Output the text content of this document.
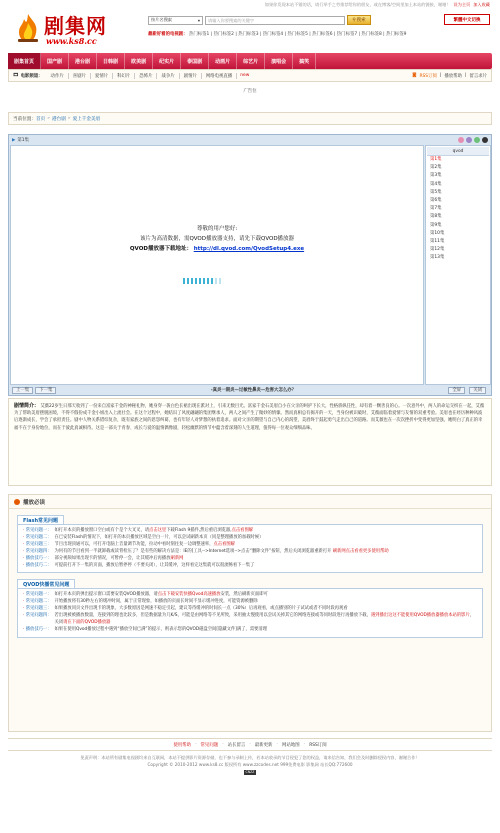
如果你发现本站不错的话，请行举手之劳推荐给你的朋友，或在博客/空间里加上本站的链接，谢谢！ 设为主页 加入收藏
剧集网
www.ks8.cc
按片名搜索	▾	请输入你要搜索的关键字	⚲ 搜索	繁體中文切換
最新好看的电视剧： 热门标签1 | 热门标签2 | 热门标签3 | 热门标签4 | 热门标签5 | 热门标签6 | 热门标签7 | 热门标签8 | 热门标签9
剧集首页	国产剧	港台剧	日韩剧	欧美剧	纪实片	泰国剧	动画片	综艺片	演唱会	搞笑
🎞 电影频道：	动作片	喜剧片	爱情片	科幻片	恐怖片	战争片	剧情片	网络电视直播	new	◙ RSS订阅 | 播放帮助 | 留言求片
广告位
当前位置： 首页 » 港台剧 » 爱上千金美眉
▶ 第1集
尊敬的用户您好:
该片为高清数据，需QVOD播放器支持，请先下载QVOD播放器
QVOD播放器下载地址： http://dl.qvod.com/QvodSetup4.exe
qvod
第1集
第2集
第3集
第4集
第5集
第6集
第7集
第8集
第9集
第10集
第11集
第12集
第13集
上一集	下一集	-真炎一期炎—过敏性鼻炎—危害大怎么办？	全屏	关闭
剧情简介： 艾薇22岁生日那天收到了一份来自富家千金的神秘礼物，她身穿一袭白色长裙出现在派对上，引来无数目光。富家千金石美眉自小在父亲的呵护下长大，性格骄纵任性，却有着一颗善良的心。一次意外中，两人的命运交织在一起，艾薇为了帮助美眉摆脱困境，不得不假扮成千金小姐出入上流社会。在这个过程中，她结识了风度翩翩的集团继承人，两人之间产生了微妙的情愫。然而真相总有揭开的一天，当身份被识破时，艾薇面临着爱情与友情的双重考验。美眉也在经历种种风波后逐渐成长，学会了承担责任。剧中人物关系错综复杂，既有家族之间的恩怨纠葛，也有年轻人对梦想的执着追求。面对父亲的期望与自己内心的渴望，美眉终于鼓起勇气走出自己的道路。而艾薇也在一次次挫折中变得更加坚强，她明白了真正的幸福不在于身份地位，而在于彼此真诚相待。这是一部关于青春、成长与爱的温情偶像剧，轻松幽默的情节中蕴含着深刻的人生道理，值得每一位观众细细品味。
播放必读
Flash常见问题
· 常见问题一： 如打开本页的播放窗口空白或有个是个大叉叉，请点击这里下载Flash 9插件,然后重启浏览器,点击看图解
· 常见问题二： 在已安装Flash的情况下，如打开的本页播放区域是空白一片，可以尝试刷新本页（同是整理播放的加载时候）
· 常见问题三： 节目出现顶通可以，可打开电脑上音量调节功能，拉动中看时刻往复一边调整速率，点击看图解
· 常见问题四： 为何有的节目看到一半就卸载或读背检压了？是有些的解决方法是：IE的[工具-->Internet选项-->点击“删除文件”按钮，然后关闭浏览器重新打开 刷新网点击看看更多使用帮助
· 播放技巧一： 部分视频如果出现卡的情况，可暂停一会，让其缓冲后再播放刷新网
· 播放技巧二： 可提前打开下一集的页面，播放后暂停停（不要关闭），让其缓冲，这样看完这集就可以很流畅看下一集了
QVOD快播常见问题
· 常见问题一： 如打开本页的弹出提示窗口需要安装QVOD播放器，请点击下载安装快播Qvod高速播放安装，然后刷新页面即可
· 常见问题二： 开始播放将有30秒左右的缓冲时间，属于正常现象，如播放的页面长时间不显示缓冲进度，可能资源被删除
· 常见问题三： 如果播放同页文件出现卡的现象，大多数原因是网速不稳定引起，建议等待缓冲的时间长一点（30%）后再观看，或点播别的片子试试或者不同时段再观看
· 常见问题四： 若出现被被播放数量，连接到的理也比较多，但是数据量为几K/S，可能是由网络等不见所致，采用抽太慢使用以尝试关掉其它的网络连接或等同时段进行再播放下载，遇到播出这这不能使用QVOD播放器播放本站的影片，关闭请在下面的QVOD播放器
· 播放技巧一： 如果在使用Qvod播放过程中遇到“播放空间已满”的提示，则表示您的QVOD磁盘空间[隐藏文件]满了，需要清理
使用帮助 - 常见问题 - 站长留言 - 最新更新 - 网站地图 - RSS订阅
免责声明：本站所有剧集电视剧均来自互联网，本站不提供影片资源存储，也不参与录制上传，若本站收录的节目侵犯了您的权益，请来信告知，我们会及时删除侵权内容，谢谢合作！
Copyright © 2010-2012 www.ks8.cc 版权所有 www.zzcodes.net 999免费电影 影集网 站长QQ:772600
CNZZ
